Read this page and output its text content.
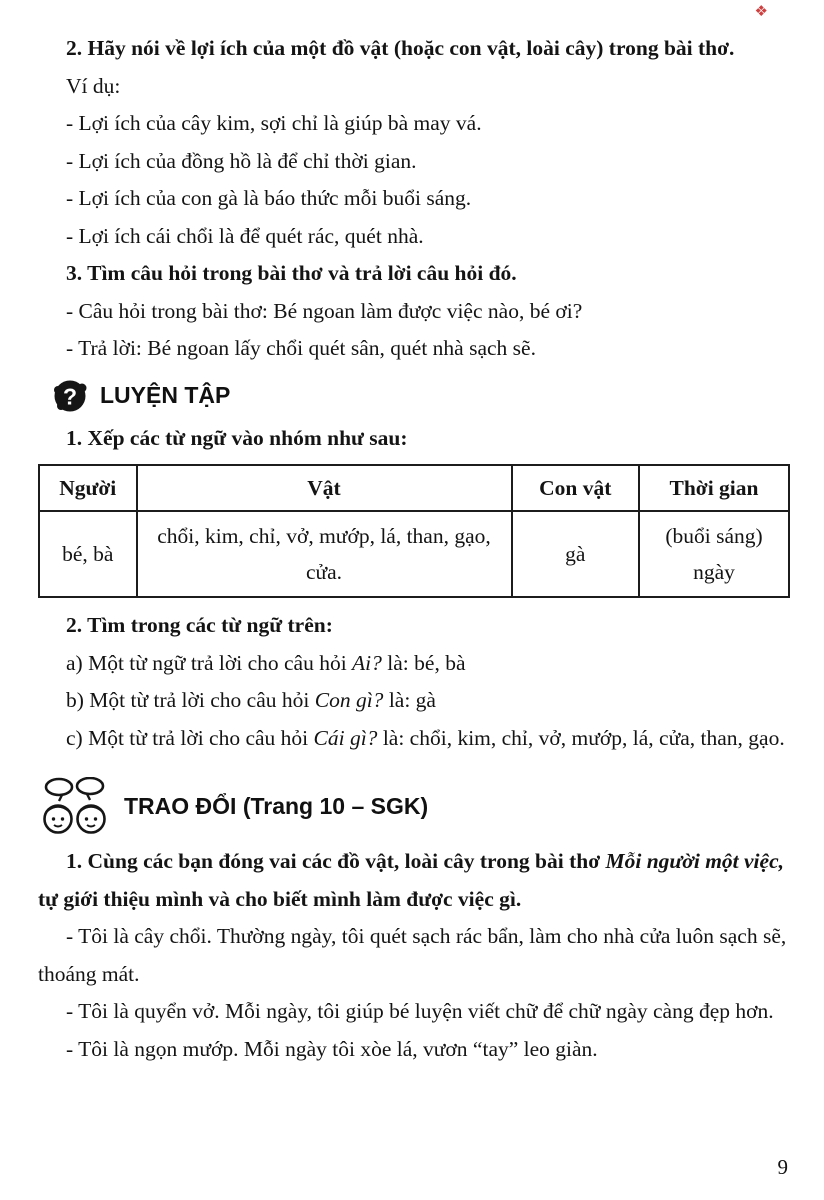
❖

2. Hãy nói về lợi ích của một đồ vật (hoặc con vật, loài cây) trong bài thơ.

Ví dụ:

- Lợi ích của cây kim, sợi chỉ là giúp bà may vá.

- Lợi ích của đồng hồ là để chỉ thời gian.

- Lợi ích của con gà là báo thức mỗi buổi sáng.

- Lợi ích cái chổi là để quét rác, quét nhà.

3. Tìm câu hỏi trong bài thơ và trả lời câu hỏi đó.

- Câu hỏi trong bài thơ: Bé ngoan làm được việc nào, bé ơi?

- Trả lời: Bé ngoan lấy chổi quét sân, quét nhà sạch sẽ.

? LUYỆN TẬP

1. Xếp các từ ngữ vào nhóm như sau:

Người	Vật	Con vật	Thời gian
bé, bà	chổi, kim, chỉ, vở, mướp, lá, than, gạo, cửa.	gà	(buổi sáng) ngày

2. Tìm trong các từ ngữ trên:

a) Một từ ngữ trả lời cho câu hỏi Ai? là: bé, bà

b) Một từ trả lời cho câu hỏi Con gì? là: gà

c) Một từ trả lời cho câu hỏi Cái gì? là: chổi, kim, chỉ, vở, mướp, lá, cửa, than, gạo.

TRAO ĐỔI (Trang 10 – SGK)

1. Cùng các bạn đóng vai các đồ vật, loài cây trong bài thơ Mỗi người một việc, tự giới thiệu mình và cho biết mình làm được việc gì.

- Tôi là cây chổi. Thường ngày, tôi quét sạch rác bẩn, làm cho nhà cửa luôn sạch sẽ, thoáng mát.

- Tôi là quyển vở. Mỗi ngày, tôi giúp bé luyện viết chữ để chữ ngày càng đẹp hơn.

- Tôi là ngọn mướp. Mỗi ngày tôi xòe lá, vươn “tay” leo giàn.

9
